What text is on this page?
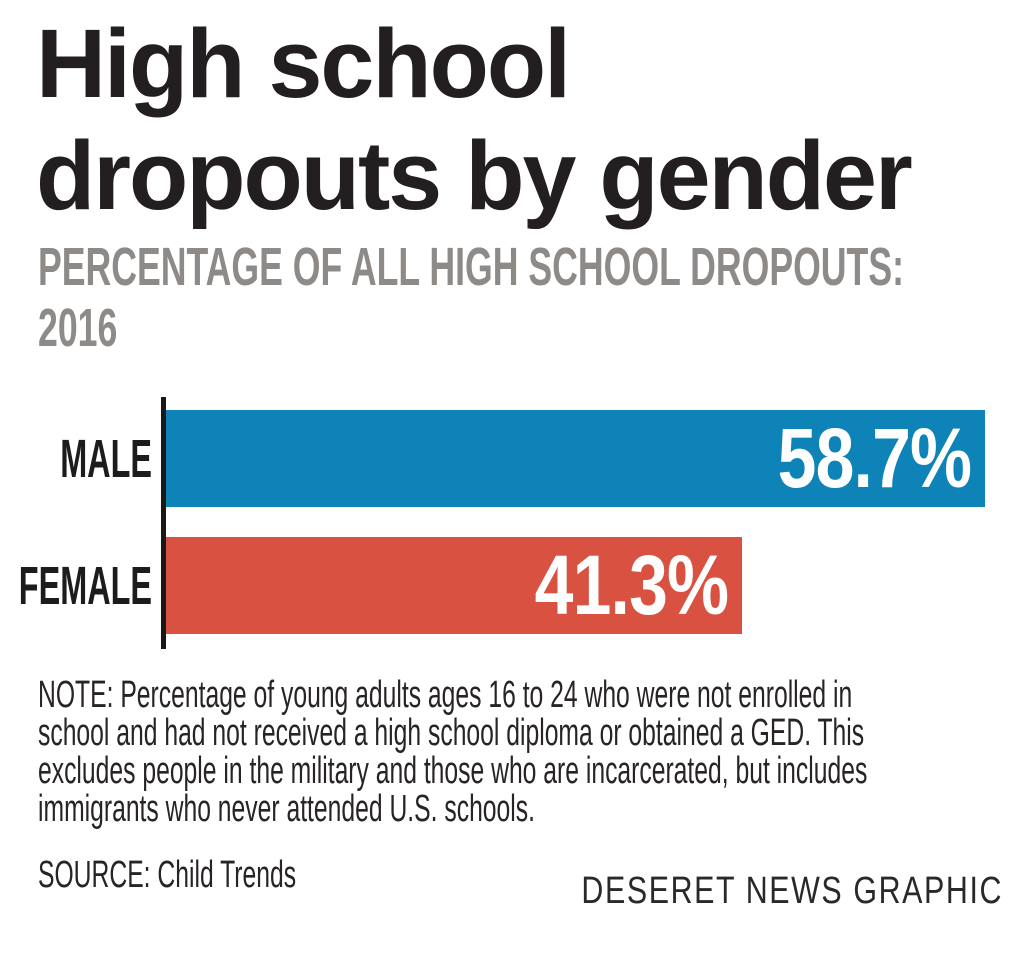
High school
dropouts by gender
PERCENTAGE OF ALL HIGH SCHOOL DROPOUTS:
2016
MALE
FEMALE
58.7%
41.3%
NOTE: Percentage of young adults ages 16 to 24 who were not enrolled in
school and had not received a high school diploma or obtained a GED. This
excludes people in the military and those who are incarcerated, but includes
immigrants who never attended U.S. schools.
SOURCE: Child Trends	DESERET NEWS GRAPHIC
